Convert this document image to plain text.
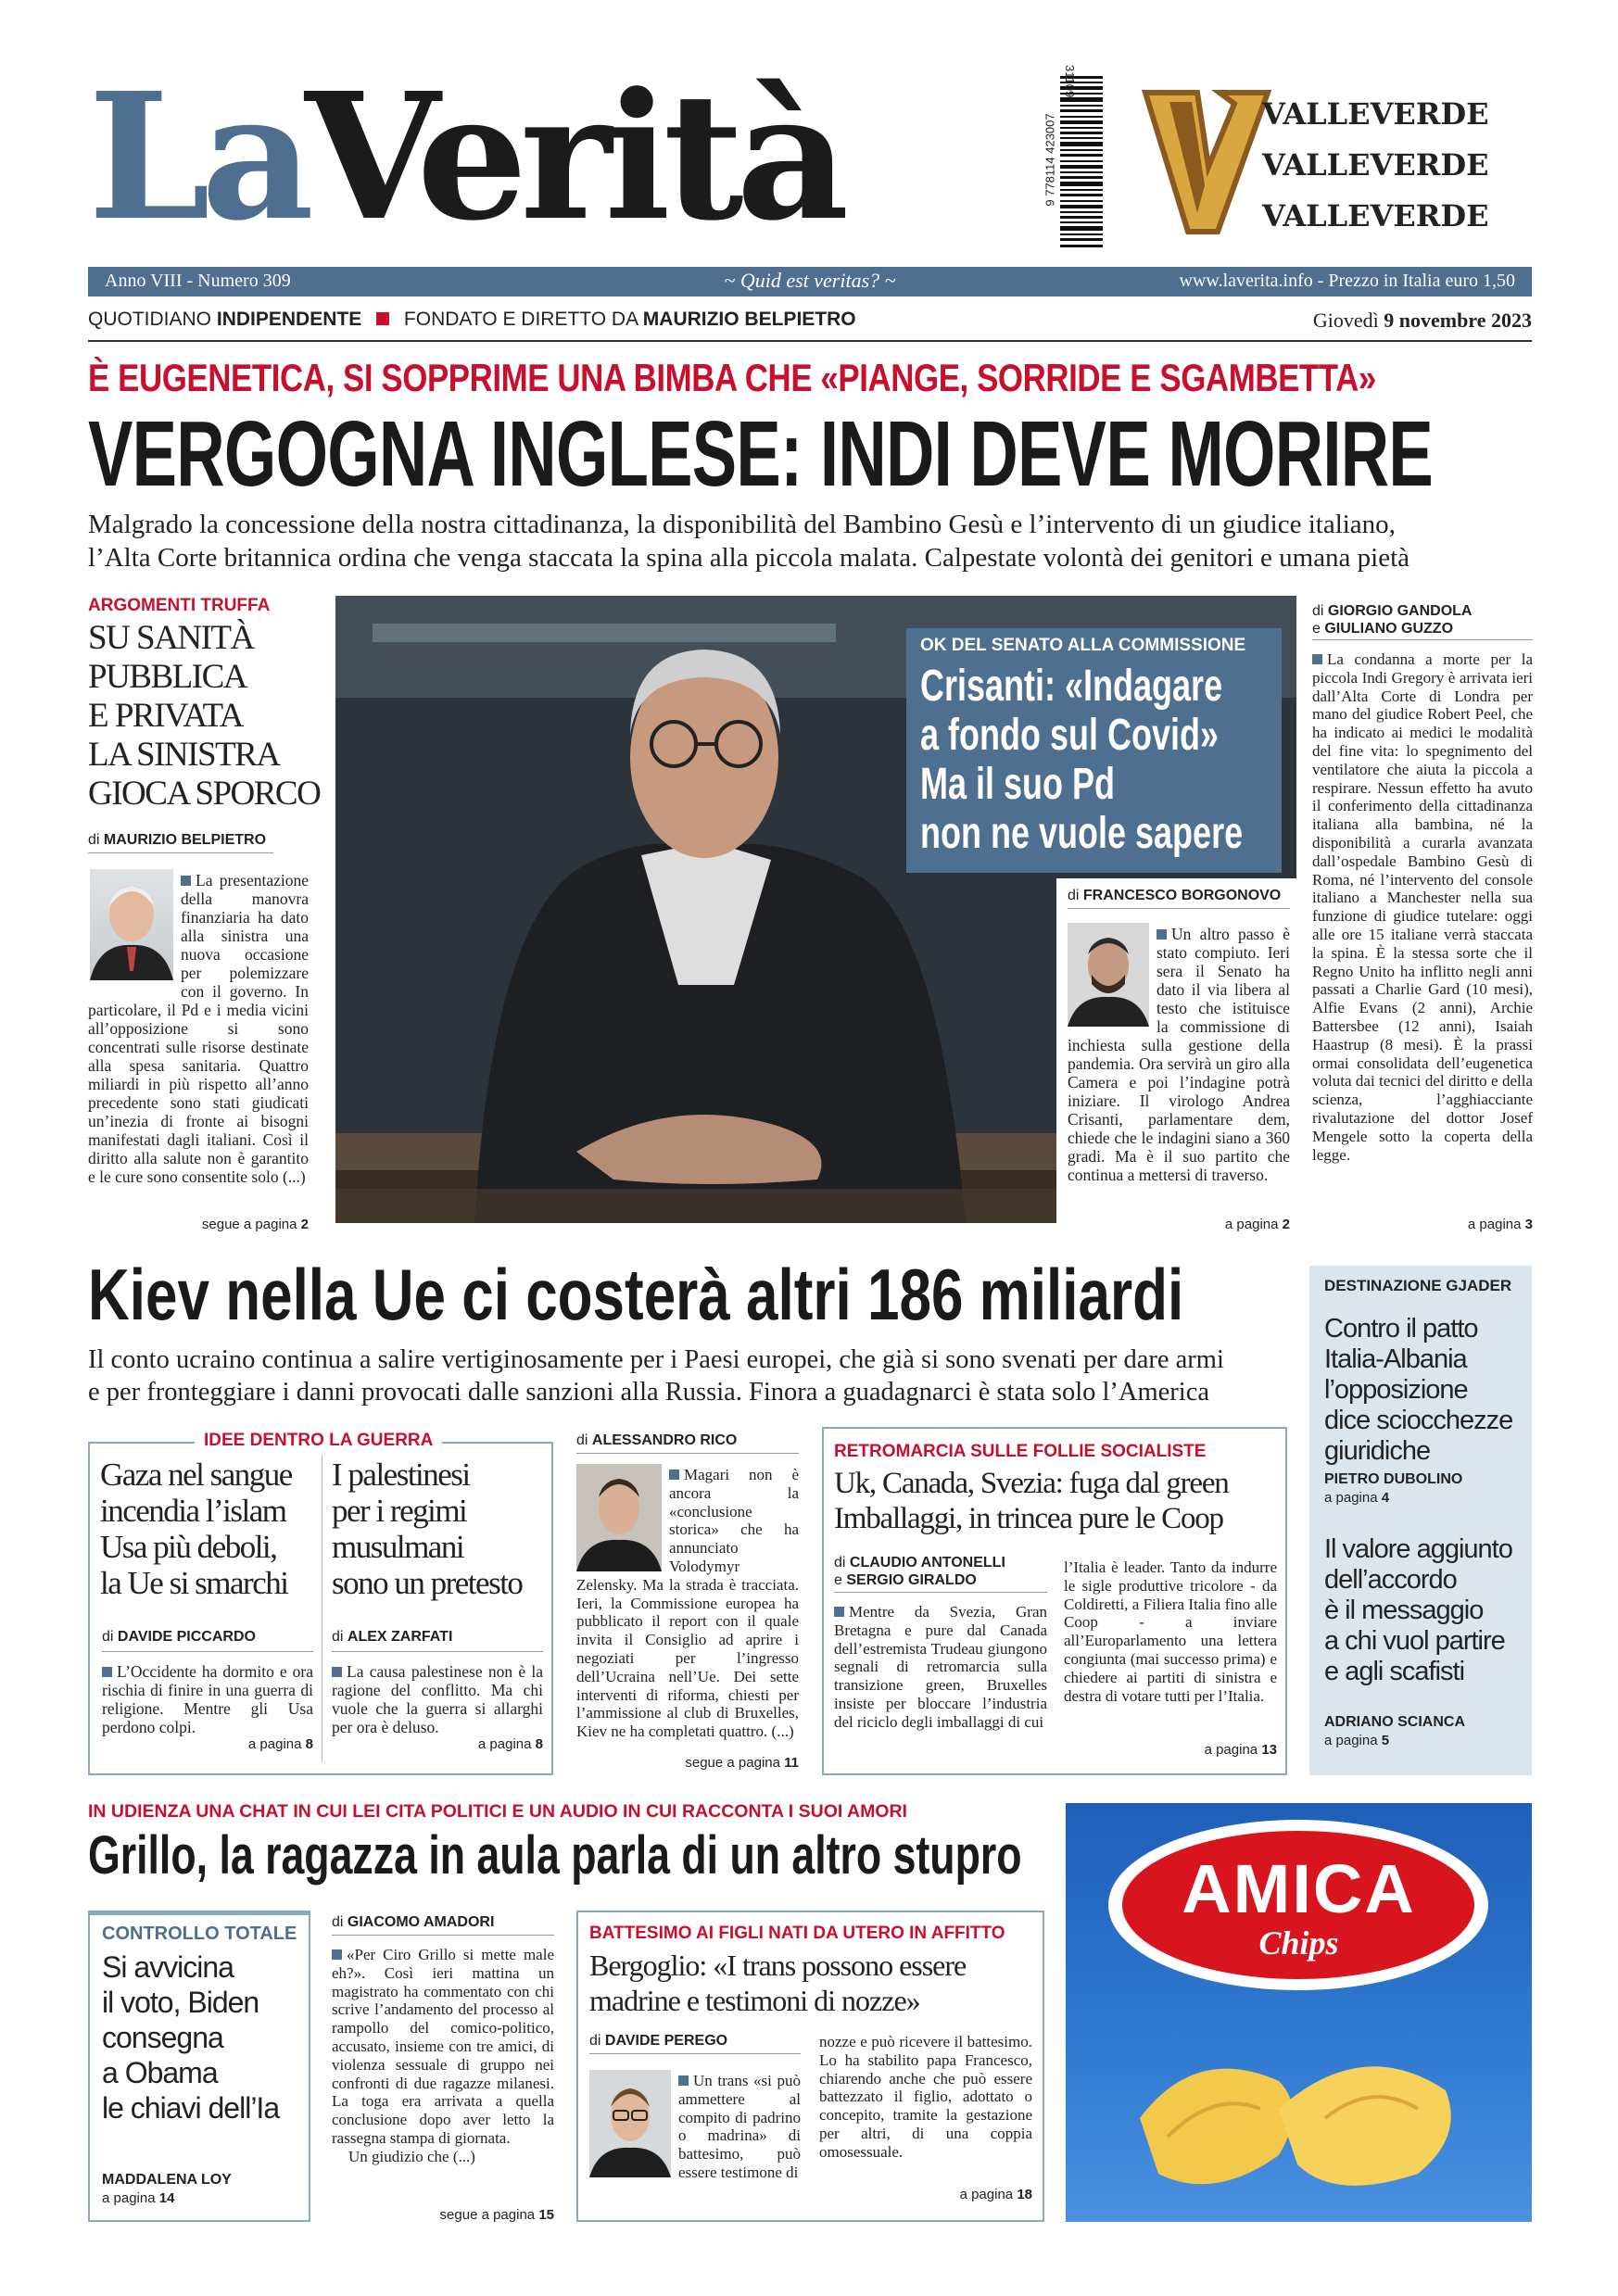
LaVerità	9 778114 423007
31109
VALLEVERDE
VALLEVERDE
VALLEVERDE
Anno VIII - Numero 309	~ Quid est veritas? ~	www.laverita.info - Prezzo in Italia euro 1,50
QUOTIDIANO INDIPENDENTE FONDATO E DIRETTO DA MAURIZIO BELPIETRO	Giovedì 9 novembre 2023
È EUGENETICA, SI SOPPRIME UNA BIMBA CHE «PIANGE, SORRIDE E SGAMBETTA»
VERGOGNA INGLESE: INDI DEVE MORIRE
Malgrado la concessione della nostra cittadinanza, la disponibilità del Bambino Gesù e l’intervento di un giudice italiano,
l’Alta Corte britannica ordina che venga staccata la spina alla piccola malata. Calpestate volontà dei genitori e umana pietà
ARGOMENTI TRUFFA
SU SANITÀ
PUBBLICA
E PRIVATA
LA SINISTRA
GIOCA SPORCO
di MAURIZIO BELPIETRO
La presentazione della manovra finanziaria ha dato alla sinistra una nuova occasione per polemizzare con il governo. In particolare, il Pd e i media vicini all’opposizione si sono concentrati sulle risorse destinate alla spesa sanitaria. Quattro miliardi in più rispetto all’anno precedente sono stati giudicati un’inezia di fronte ai bisogni manifestati dagli italiani. Così il diritto alla salute non è garantito e le cure sono consentite solo (...)
segue a pagina 2
OK DEL SENATO ALLA COMMISSIONE
Crisanti: «Indagare
a fondo sul Covid»
Ma il suo Pd
non ne vuole sapere
di FRANCESCO BORGONOVO
Un altro passo è stato compiuto. Ieri sera il Senato ha dato il via libera al testo che istituisce la commissione di inchiesta sulla gestione della pandemia. Ora servirà un giro alla Camera e poi l’indagine potrà iniziare. Il virologo Andrea Crisanti, parlamentare dem, chiede che le indagini siano a 360 gradi. Ma è il suo partito che continua a mettersi di traverso.
a pagina 2
di GIORGIO GANDOLA
e GIULIANO GUZZO
La condanna a morte per la piccola Indi Gregory è arrivata ieri dall’Alta Corte di Londra per mano del giudice Robert Peel, che ha indicato ai medici le modalità del fine vita: lo spegnimento del ventilatore che aiuta la piccola a respirare. Nessun effetto ha avuto il conferimento della cittadinanza italiana alla bambina, né la disponibilità a curarla avanzata dall’ospedale Bambino Gesù di Roma, né l’intervento del console italiano a Manchester nella sua funzione di giudice tutelare: oggi alle ore 15 italiane verrà staccata la spina. È la stessa sorte che il Regno Unito ha inflitto negli anni passati a Charlie Gard (10 mesi), Alfie Evans (2 anni), Archie Battersbee (12 anni), Isaiah Haastrup (8 mesi). È la prassi ormai consolidata dell’eugenetica voluta dai tecnici del diritto e della scienza, l’agghiacciante rivalutazione del dottor Josef Mengele sotto la coperta della legge.
a pagina 3
Kiev nella Ue ci costerà altri 186 miliardi
Il conto ucraino continua a salire vertiginosamente per i Paesi europei, che già si sono svenati per dare armi
e per fronteggiare i danni provocati dalle sanzioni alla Russia. Finora a guadagnarci è stata solo l’America
IDEE DENTRO LA GUERRA
Gaza nel sangue
incendia l’islam
Usa più deboli,
la Ue si smarchi
di DAVIDE PICCARDO
L’Occidente ha dormito e ora rischia di finire in una guerra di religione. Mentre gli Usa perdono colpi.
a pagina 8
I palestinesi
per i regimi
musulmani
sono un pretesto
di ALEX ZARFATI
La causa palestinese non è la ragione del conflitto. Ma chi vuole che la guerra si allarghi per ora è deluso.
a pagina 8
di ALESSANDRO RICO
Magari non è ancora la «conclusione storica» che ha annunciato Volodymyr Zelensky. Ma la strada è tracciata. Ieri, la Commissione europea ha pubblicato il report con il quale invita il Consiglio ad aprire i negoziati per l’ingresso dell’Ucraina nell’Ue. Dei sette interventi di riforma, chiesti per l’ammissione al club di Bruxelles, Kiev ne ha completati quattro. (...)
segue a pagina 11
RETROMARCIA SULLE FOLLIE SOCIALISTE
Uk, Canada, Svezia: fuga dal green
Imballaggi, in trincea pure le Coop
di CLAUDIO ANTONELLI
e SERGIO GIRALDO
Mentre da Svezia, Gran Bretagna e pure dal Canada dell’estremista Trudeau giungono segnali di retromarcia sulla transizione green, Bruxelles insiste per bloccare l’industria del riciclo degli imballaggi di cui
l’Italia è leader. Tanto da indurre le sigle produttive tricolore - da Coldiretti, a Filiera Italia fino alle Coop - a inviare all’Europarlamento una lettera congiunta (mai successo prima) e chiedere ai partiti di sinistra e destra di votare tutti per l’Italia.
a pagina 13
DESTINAZIONE GJADER
Contro il patto
Italia-Albania
l’opposizione
dice sciocchezze
giuridiche
PIETRO DUBOLINO
a pagina 4
Il valore aggiunto
dell’accordo
è il messaggio
a chi vuol partire
e agli scafisti
ADRIANO SCIANCA
a pagina 5
IN UDIENZA UNA CHAT IN CUI LEI CITA POLITICI E UN AUDIO IN CUI RACCONTA I SUOI AMORI
Grillo, la ragazza in aula parla di un altro stupro
CONTROLLO TOTALE
Si avvicina
il voto, Biden
consegna
a Obama
le chiavi dell’Ia
MADDALENA LOY
a pagina 14
di GIACOMO AMADORI
«Per Ciro Grillo si mette male eh?». Così ieri mattina un magistrato ha commentato con chi scrive l’andamento del processo al rampollo del comico-politico, accusato, insieme con tre amici, di violenza sessuale di gruppo nei confronti di due ragazze milanesi. La toga era arrivata a quella conclusione dopo aver letto la rassegna stampa di giornata.
Un giudizio che (...)
segue a pagina 15
BATTESIMO AI FIGLI NATI DA UTERO IN AFFITTO
Bergoglio: «I trans possono essere
madrine e testimoni di nozze»
di DAVIDE PEREGO
Un trans «si può ammettere al compito di padrino o madrina» di battesimo, può essere testimone di
nozze e può ricevere il battesimo. Lo ha stabilito papa Francesco, chiarendo anche che può essere battezzato il figlio, adottato o concepito, tramite la gestazione per altri, di una coppia omosessuale.
a pagina 18
AMICA
Chips
